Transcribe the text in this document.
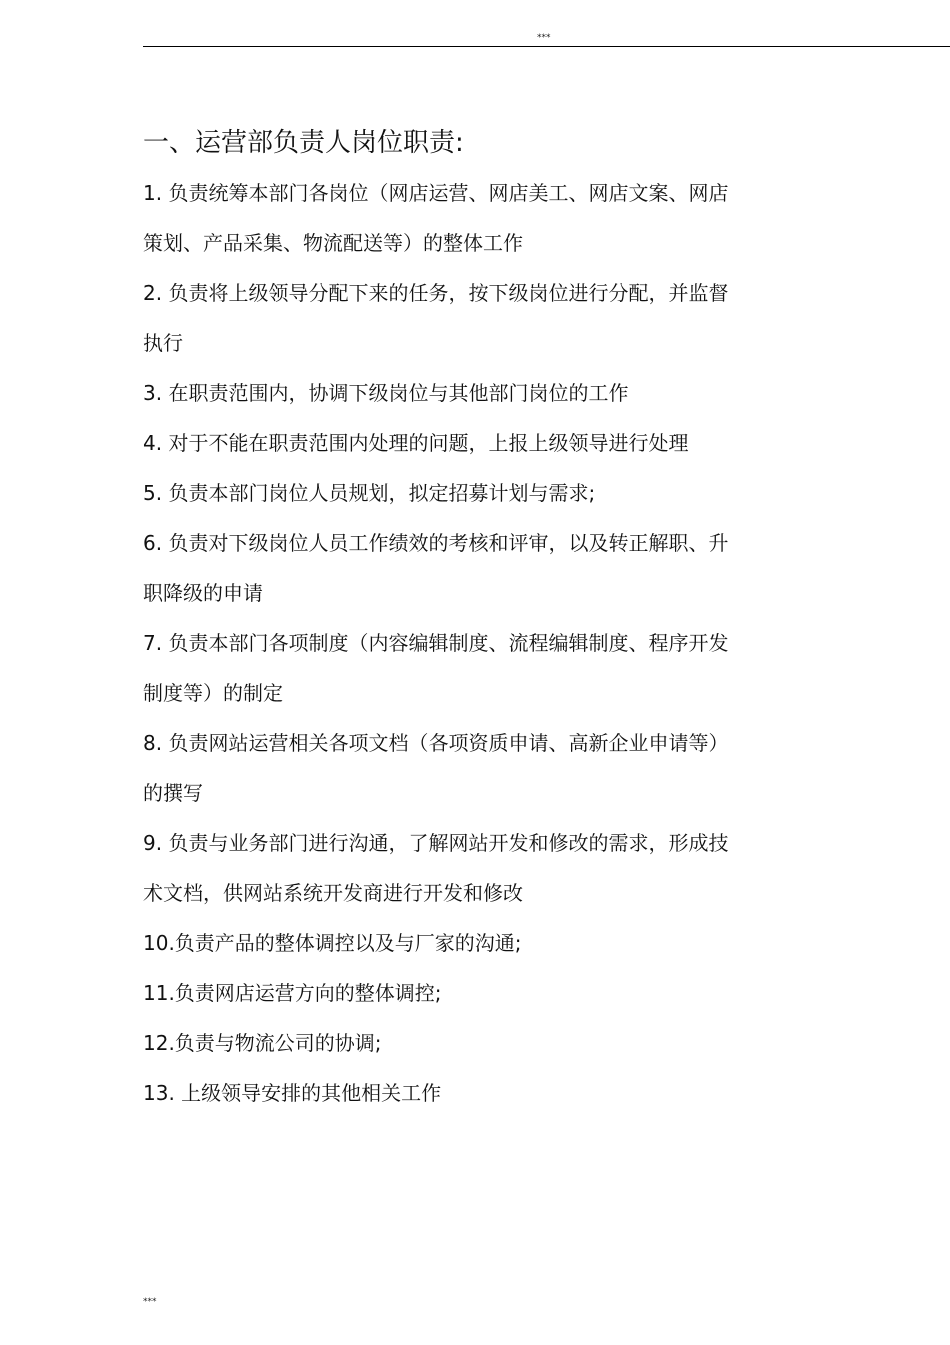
***
一、运营部负责人岗位职责:
1. 负责统筹本部门各岗位（网店运营、网店美工、网店文案、网店
策划、产品采集、物流配送等）的整体工作
2. 负责将上级领导分配下来的任务，按下级岗位进行分配，并监督
执行
3. 在职责范围内，协调下级岗位与其他部门岗位的工作
4. 对于不能在职责范围内处理的问题，上报上级领导进行处理
5. 负责本部门岗位人员规划，拟定招募计划与需求;
6. 负责对下级岗位人员工作绩效的考核和评审，以及转正解职、升
职降级的申请
7. 负责本部门各项制度（内容编辑制度、流程编辑制度、程序开发
制度等）的制定
8. 负责网站运营相关各项文档（各项资质申请、高新企业申请等）
的撰写
9. 负责与业务部门进行沟通，了解网站开发和修改的需求，形成技
术文档，供网站系统开发商进行开发和修改
10.负责产品的整体调控以及与厂家的沟通;
11.负责网店运营方向的整体调控;
12.负责与物流公司的协调;
13. 上级领导安排的其他相关工作
***
